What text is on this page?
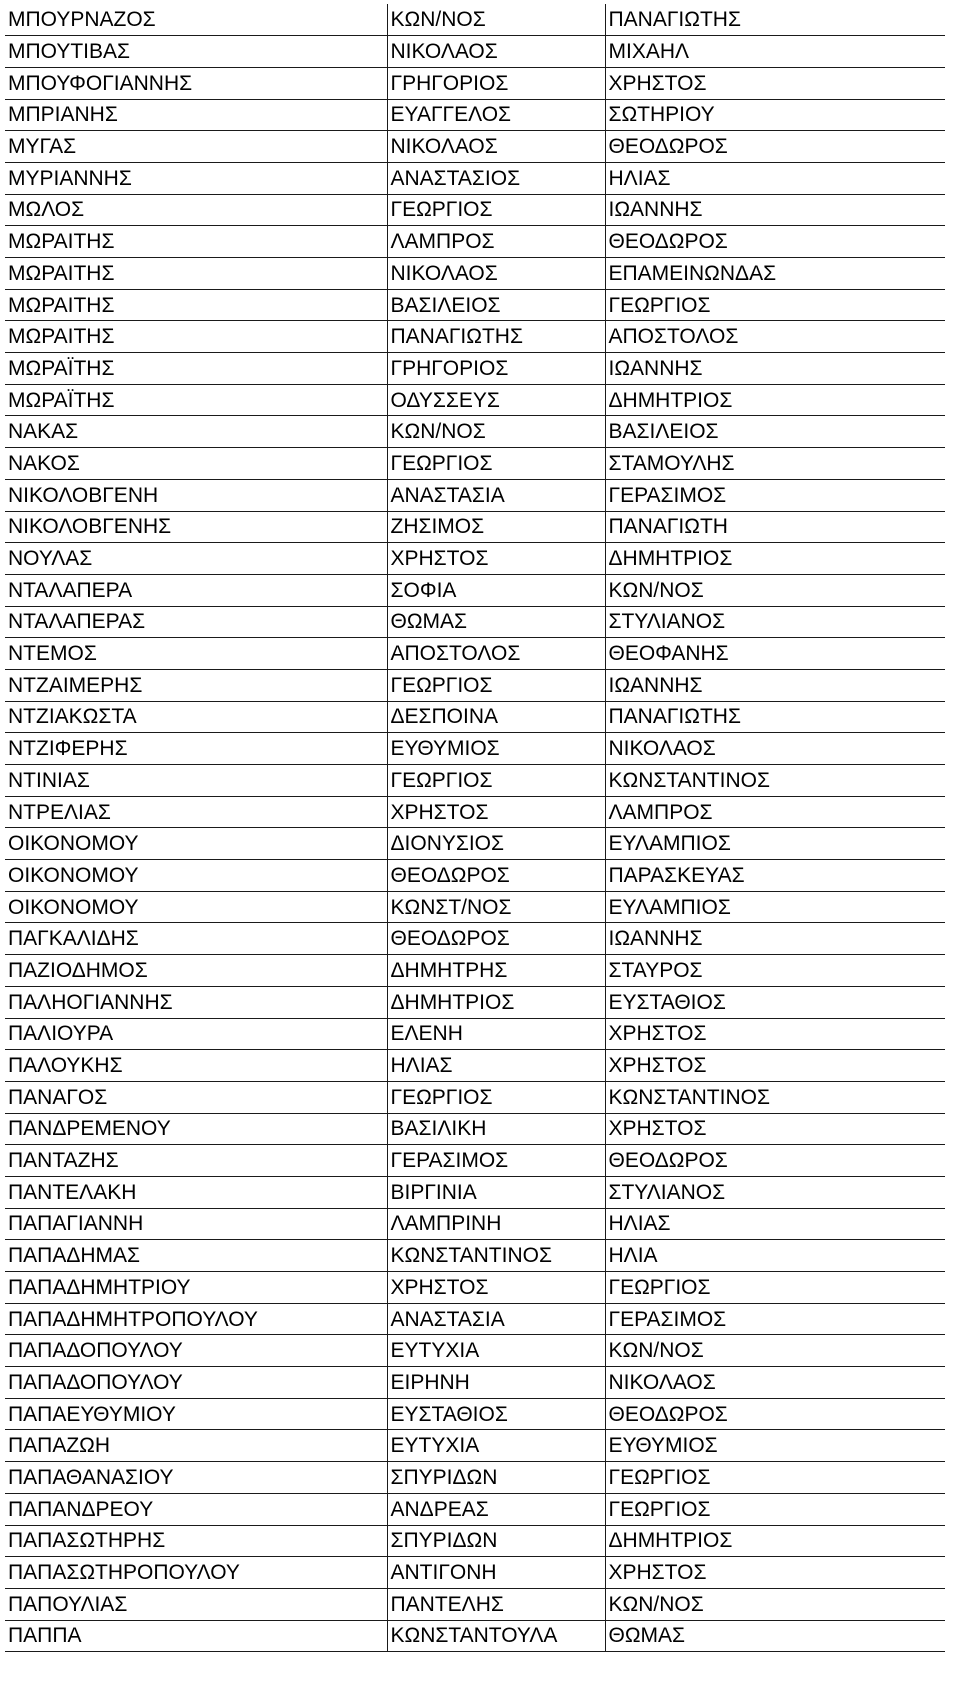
ΜΠΟΥΡΝΑΖΟΣ	ΚΩΝ/ΝΟΣ	ΠΑΝΑΓΙΩΤΗΣ
ΜΠΟΥΤΙΒΑΣ	ΝΙΚΟΛΑΟΣ	ΜΙΧΑΗΛ
ΜΠΟΥΦΟΓΙΑΝΝΗΣ	ΓΡΗΓΟΡΙΟΣ	ΧΡΗΣΤΟΣ
ΜΠΡΙΑΝΗΣ	ΕΥΑΓΓΕΛΟΣ	ΣΩΤΗΡΙΟΥ
ΜΥΓΑΣ	ΝΙΚΟΛΑΟΣ	ΘΕΟΔΩΡΟΣ
ΜΥΡΙΑΝΝΗΣ	ΑΝΑΣΤΑΣΙΟΣ	ΗΛΙΑΣ
ΜΩΛΟΣ	ΓΕΩΡΓΙΟΣ	ΙΩΑΝΝΗΣ
ΜΩΡΑΙΤΗΣ	ΛΑΜΠΡΟΣ	ΘΕΟΔΩΡΟΣ
ΜΩΡΑΙΤΗΣ	ΝΙΚΟΛΑΟΣ	ΕΠΑΜΕΙΝΩΝΔΑΣ
ΜΩΡΑΙΤΗΣ	ΒΑΣΙΛΕΙΟΣ	ΓΕΩΡΓΙΟΣ
ΜΩΡΑΙΤΗΣ	ΠΑΝΑΓΙΩΤΗΣ	ΑΠΟΣΤΟΛΟΣ
ΜΩΡΑΪΤΗΣ	ΓΡΗΓΟΡΙΟΣ	ΙΩΑΝΝΗΣ
ΜΩΡΑΪΤΗΣ	ΟΔΥΣΣΕΥΣ	ΔΗΜΗΤΡΙΟΣ
ΝΑΚΑΣ	ΚΩΝ/ΝΟΣ	ΒΑΣΙΛΕΙΟΣ
ΝΑΚΟΣ	ΓΕΩΡΓΙΟΣ	ΣΤΑΜΟΥΛΗΣ
ΝΙΚΟΛΟΒΓΕΝΗ	ΑΝΑΣΤΑΣΙΑ	ΓΕΡΑΣΙΜΟΣ
ΝΙΚΟΛΟΒΓΕΝΗΣ	ΖΗΣΙΜΟΣ	ΠΑΝΑΓΙΩΤΗ
ΝΟΥΛΑΣ	ΧΡΗΣΤΟΣ	ΔΗΜΗΤΡΙΟΣ
ΝΤΑΛΑΠΕΡΑ	ΣΟΦΙΑ	ΚΩΝ/ΝΟΣ
ΝΤΑΛΑΠΕΡΑΣ	ΘΩΜΑΣ	ΣΤΥΛΙΑΝΟΣ
ΝΤΕΜΟΣ	ΑΠΟΣΤΟΛΟΣ	ΘΕΟΦΑΝΗΣ
ΝΤΖΑΙΜΕΡΗΣ	ΓΕΩΡΓΙΟΣ	ΙΩΑΝΝΗΣ
ΝΤΖΙΑΚΩΣΤΑ	ΔΕΣΠΟΙΝΑ	ΠΑΝΑΓΙΩΤΗΣ
ΝΤΖΙΦΕΡΗΣ	ΕΥΘΥΜΙΟΣ	ΝΙΚΟΛΑΟΣ
ΝΤΙΝΙΑΣ	ΓΕΩΡΓΙΟΣ	ΚΩΝΣΤΑΝΤΙΝΟΣ
ΝΤΡΕΛΙΑΣ	ΧΡΗΣΤΟΣ	ΛΑΜΠΡΟΣ
ΟΙΚΟΝΟΜΟΥ	ΔΙΟΝΥΣΙΟΣ	ΕΥΛΑΜΠΙΟΣ
ΟΙΚΟΝΟΜΟΥ	ΘΕΟΔΩΡΟΣ	ΠΑΡΑΣΚΕΥΑΣ
ΟΙΚΟΝΟΜΟΥ	ΚΩΝΣΤ/ΝΟΣ	ΕΥΛΑΜΠΙΟΣ
ΠΑΓΚΑΛΙΔΗΣ	ΘΕΟΔΩΡΟΣ	ΙΩΑΝΝΗΣ
ΠΑΖΙΟΔΗΜΟΣ	ΔΗΜΗΤΡΗΣ	ΣΤΑΥΡΟΣ
ΠΑΛΗΟΓΙΑΝΝΗΣ	ΔΗΜΗΤΡΙΟΣ	ΕΥΣΤΑΘΙΟΣ
ΠΑΛΙΟΥΡΑ	ΕΛΕΝΗ	ΧΡΗΣΤΟΣ
ΠΑΛΟΥΚΗΣ	ΗΛΙΑΣ	ΧΡΗΣΤΟΣ
ΠΑΝΑΓΟΣ	ΓΕΩΡΓΙΟΣ	ΚΩΝΣΤΑΝΤΙΝΟΣ
ΠΑΝΔΡΕΜΕΝΟΥ	ΒΑΣΙΛΙΚΗ	ΧΡΗΣΤΟΣ
ΠΑΝΤΑΖΗΣ	ΓΕΡΑΣΙΜΟΣ	ΘΕΟΔΩΡΟΣ
ΠΑΝΤΕΛΑΚΗ	ΒΙΡΓΙΝΙΑ	ΣΤΥΛΙΑΝΟΣ
ΠΑΠΑΓΙΑΝΝΗ	ΛΑΜΠΡΙΝΗ	ΗΛΙΑΣ
ΠΑΠΑΔΗΜΑΣ	ΚΩΝΣΤΑΝΤΙΝΟΣ	ΗΛΙΑ
ΠΑΠΑΔΗΜΗΤΡΙΟΥ	ΧΡΗΣΤΟΣ	ΓΕΩΡΓΙΟΣ
ΠΑΠΑΔΗΜΗΤΡΟΠΟΥΛΟΥ	ΑΝΑΣΤΑΣΙΑ	ΓΕΡΑΣΙΜΟΣ
ΠΑΠΑΔΟΠΟΥΛΟΥ	ΕΥΤΥΧΙΑ	ΚΩΝ/ΝΟΣ
ΠΑΠΑΔΟΠΟΥΛΟΥ	ΕΙΡΗΝΗ	ΝΙΚΟΛΑΟΣ
ΠΑΠΑΕΥΘΥΜΙΟΥ	ΕΥΣΤΑΘΙΟΣ	ΘΕΟΔΩΡΟΣ
ΠΑΠΑΖΩΗ	ΕΥΤΥΧΙΑ	ΕΥΘΥΜΙΟΣ
ΠΑΠΑΘΑΝΑΣΙΟΥ	ΣΠΥΡΙΔΩΝ	ΓΕΩΡΓΙΟΣ
ΠΑΠΑΝΔΡΕΟΥ	ΑΝΔΡΕΑΣ	ΓΕΩΡΓΙΟΣ
ΠΑΠΑΣΩΤΗΡΗΣ	ΣΠΥΡΙΔΩΝ	ΔΗΜΗΤΡΙΟΣ
ΠΑΠΑΣΩΤΗΡΟΠΟΥΛΟΥ	ΑΝΤΙΓΟΝΗ	ΧΡΗΣΤΟΣ
ΠΑΠΟΥΛΙΑΣ	ΠΑΝΤΕΛΗΣ	ΚΩΝ/ΝΟΣ
ΠΑΠΠΑ	ΚΩΝΣΤΑΝΤΟΥΛΑ	ΘΩΜΑΣ
